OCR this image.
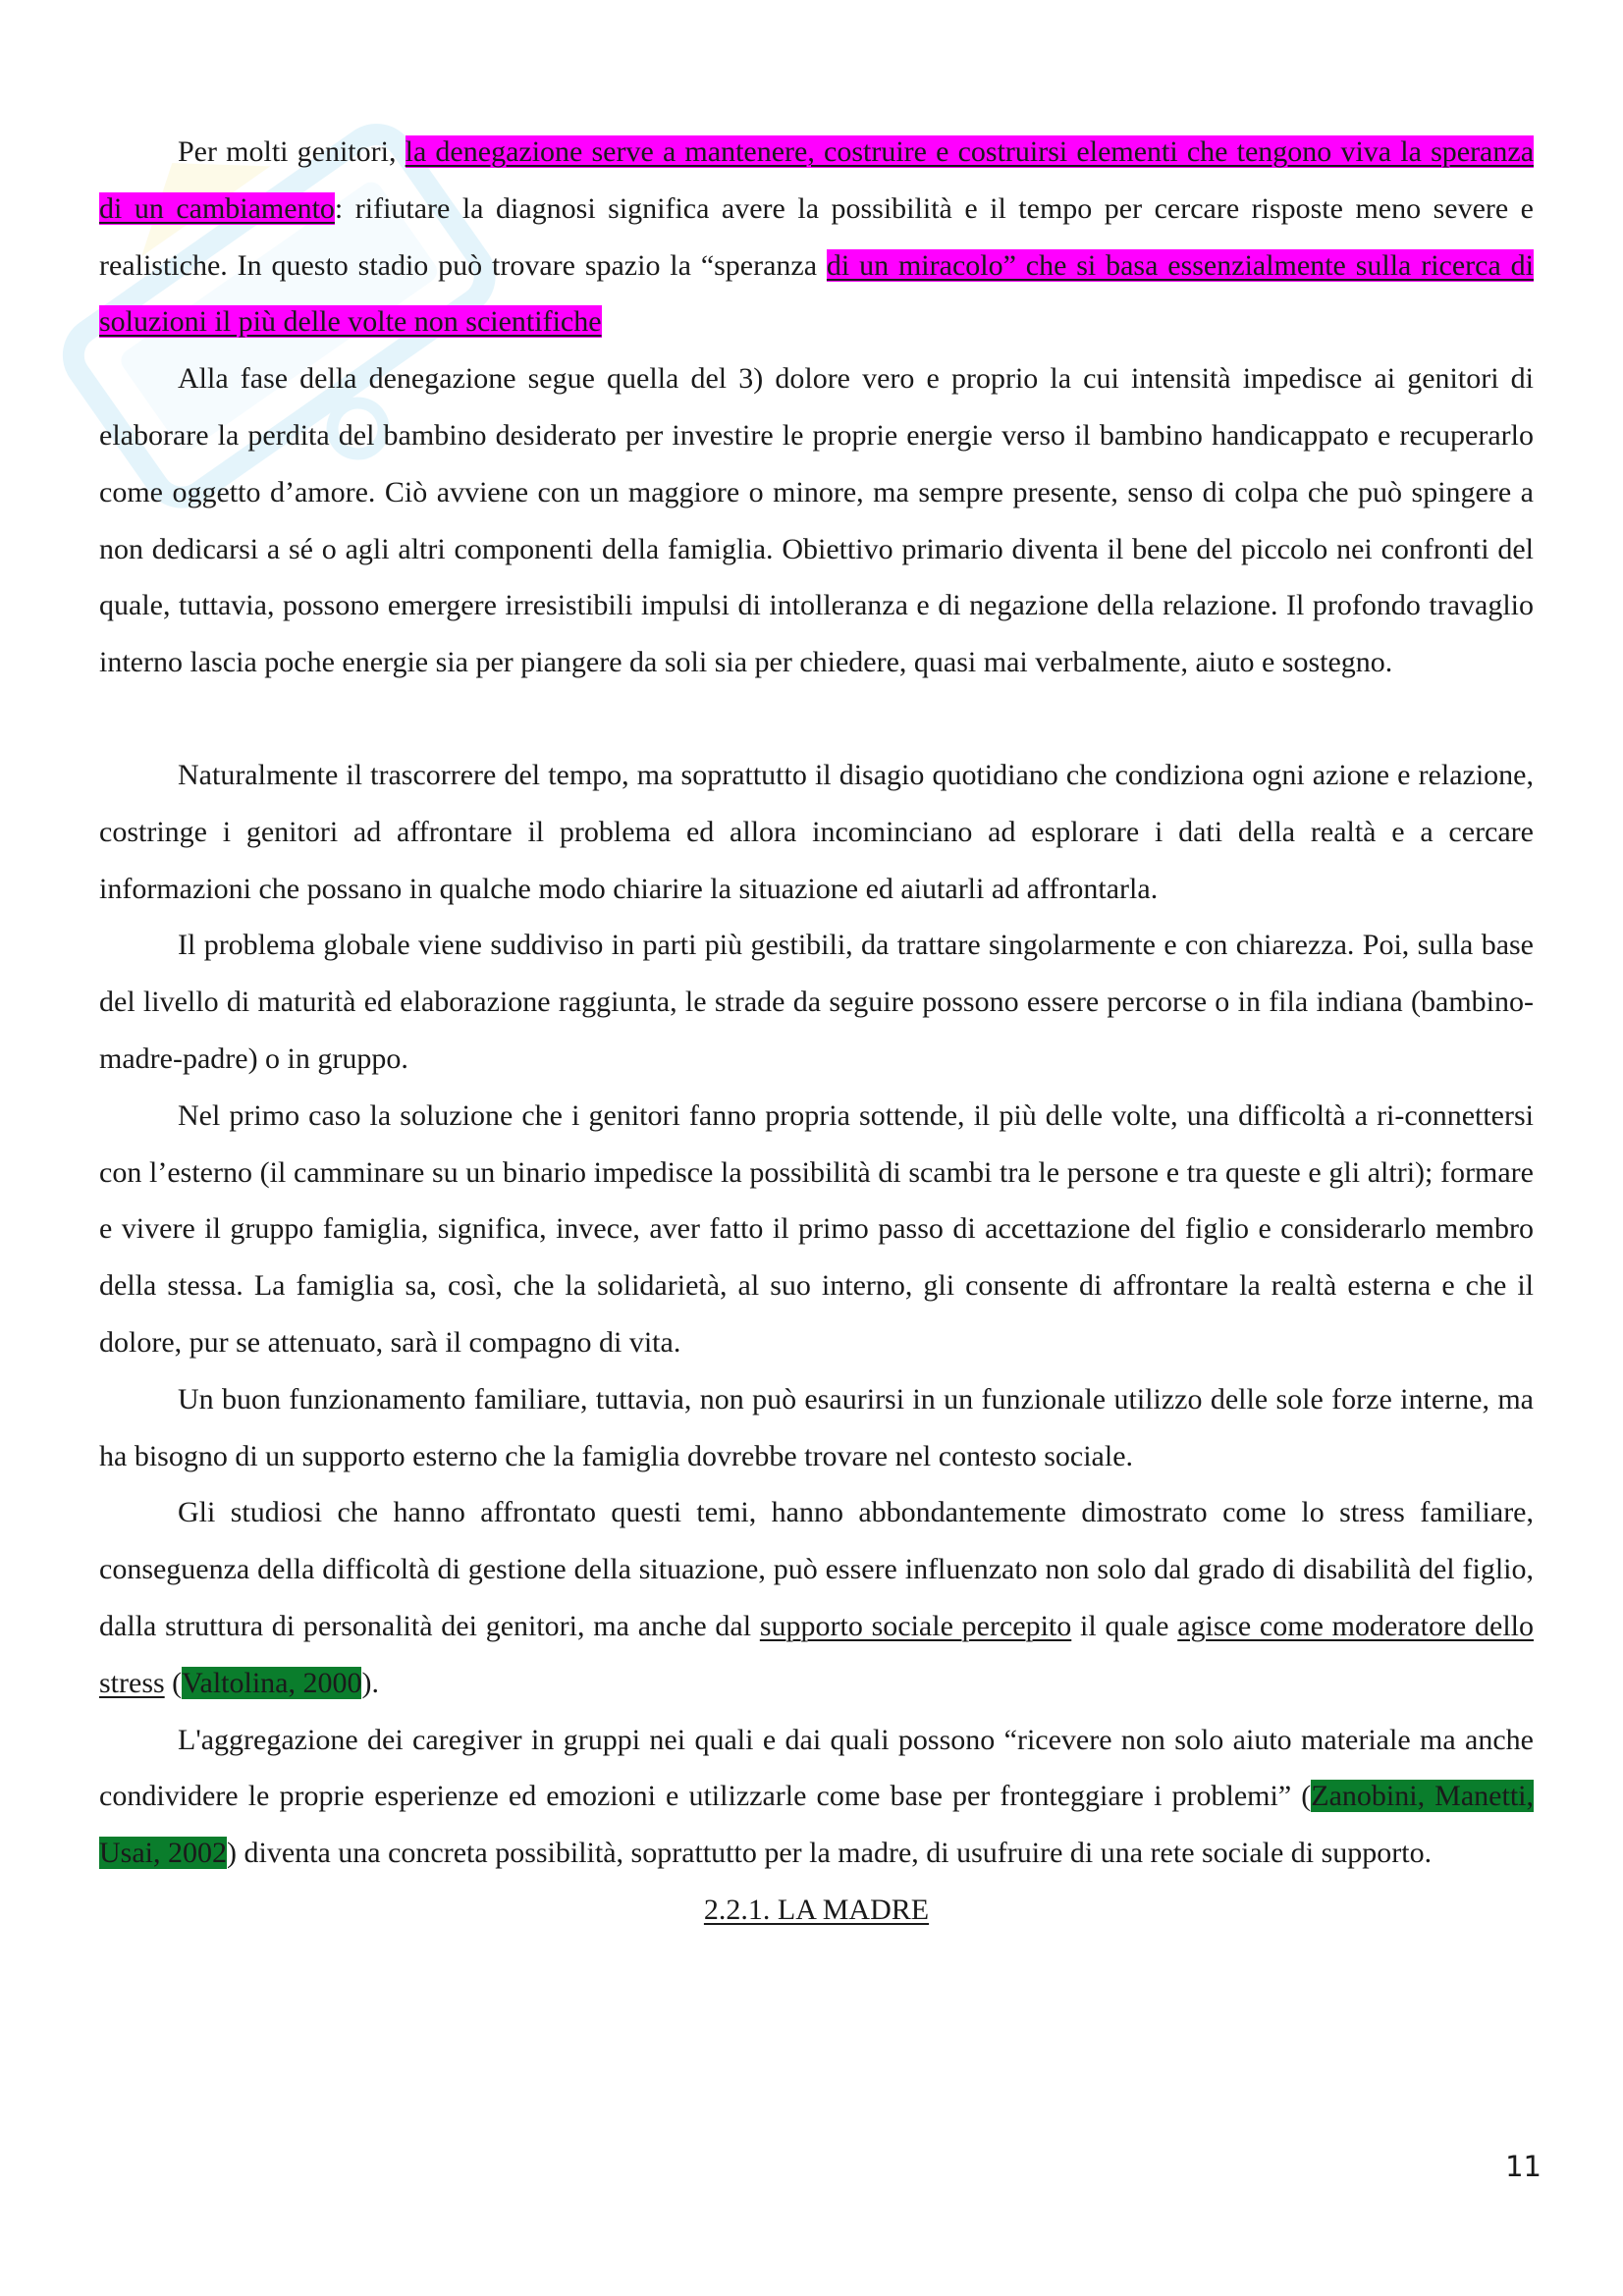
Per molti genitori, la denegazione serve a mantenere, costruire e costruirsi elementi che tengono viva la speranza di un cambiamento: rifiutare la diagnosi significa avere la possibilità e il tempo per cercare risposte meno severe e realistiche. In questo stadio può trovare spazio la “speranza di un miracolo” che si basa essenzialmente sulla ricerca di soluzioni il più delle volte non scientifiche

Alla fase della denegazione segue quella del 3) dolore vero e proprio la cui intensità impedisce ai genitori di elaborare la perdita del bambino desiderato per investire le proprie energie verso il bambino handicappato e recuperarlo come oggetto d’amore. Ciò avviene con un maggiore o minore, ma sempre presente, senso di colpa che può spingere a non dedicarsi a sé o agli altri componenti della famiglia. Obiettivo primario diventa il bene del piccolo nei confronti del quale, tuttavia, possono emergere irresistibili impulsi di intolleranza e di negazione della relazione. Il profondo travaglio interno lascia poche energie sia per piangere da soli sia per chiedere, quasi mai verbalmente, aiuto e sostegno.

Naturalmente il trascorrere del tempo, ma soprattutto il disagio quotidiano che condiziona ogni azione e relazione, costringe i genitori ad affrontare il problema ed allora incominciano ad esplorare i dati della realtà e a cercare informazioni che possano in qualche modo chiarire la situazione ed aiutarli ad affrontarla.

Il problema globale viene suddiviso in parti più gestibili, da trattare singolarmente e con chiarezza. Poi, sulla base del livello di maturità ed elaborazione raggiunta, le strade da seguire possono essere percorse o in fila indiana (bambino-madre-padre) o in gruppo.

Nel primo caso la soluzione che i genitori fanno propria sottende, il più delle volte, una difficoltà a ri-connettersi con l’esterno (il camminare su un binario impedisce la possibilità di scambi tra le persone e tra queste e gli altri); formare e vivere il gruppo famiglia, significa, invece, aver fatto il primo passo di accettazione del figlio e considerarlo membro della stessa. La famiglia sa, così, che la solidarietà, al suo interno, gli consente di affrontare la realtà esterna e che il dolore, pur se attenuato, sarà il compagno di vita.

Un buon funzionamento familiare, tuttavia, non può esaurirsi in un funzionale utilizzo delle sole forze interne, ma ha bisogno di un supporto esterno che la famiglia dovrebbe trovare nel contesto sociale.

Gli studiosi che hanno affrontato questi temi, hanno abbondantemente dimostrato come lo stress familiare, conseguenza della difficoltà di gestione della situazione, può essere influenzato non solo dal grado di disabilità del figlio, dalla struttura di personalità dei genitori, ma anche dal supporto sociale percepito il quale agisce come moderatore dello stress (Valtolina, 2000).

L'aggregazione dei caregiver in gruppi nei quali e dai quali possono “ricevere non solo aiuto materiale ma anche condividere le proprie esperienze ed emozioni e utilizzarle come base per fronteggiare i problemi” (Zanobini, Manetti, Usai, 2002) diventa una concreta possibilità, soprattutto per la madre, di usufruire di una rete sociale di supporto.

2.2.1. LA MADRE

11
